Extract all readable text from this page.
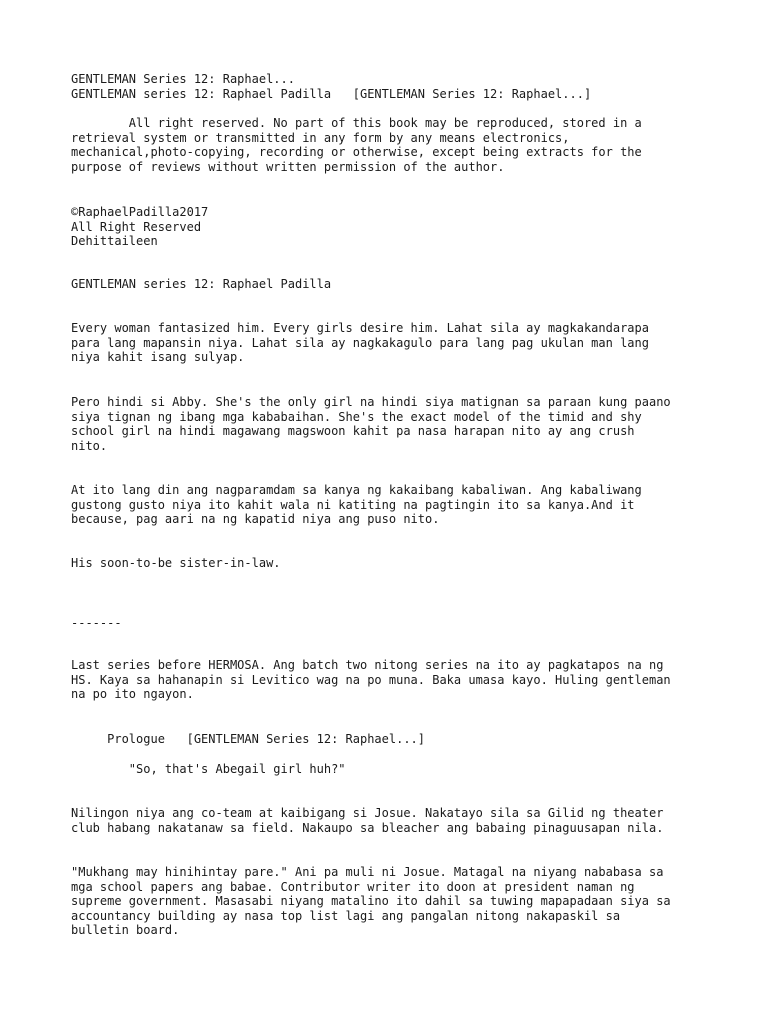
GENTLEMAN Series 12: Raphael...
GENTLEMAN series 12: Raphael Padilla   [GENTLEMAN Series 12: Raphael...]
All right reserved. No part of this book may be reproduced, stored in a
retrieval system or transmitted in any form by any means electronics,
mechanical,photo-copying, recording or otherwise, except being extracts for the
purpose of reviews without written permission of the author.
©RaphaelPadilla2017
All Right Reserved
Dehittaileen
GENTLEMAN series 12: Raphael Padilla
Every woman fantasized him. Every girls desire him. Lahat sila ay magkakandarapa
para lang mapansin niya. Lahat sila ay nagkakagulo para lang pag ukulan man lang
niya kahit isang sulyap.
Pero hindi si Abby. She's the only girl na hindi siya matignan sa paraan kung paano
siya tignan ng ibang mga kababaihan. She's the exact model of the timid and shy
school girl na hindi magawang magswoon kahit pa nasa harapan nito ay ang crush
nito.
At ito lang din ang nagparamdam sa kanya ng kakaibang kabaliwan. Ang kabaliwang
gustong gusto niya ito kahit wala ni katiting na pagtingin ito sa kanya.And it
because, pag aari na ng kapatid niya ang puso nito.
His soon-to-be sister-in-law.
-------
Last series before HERMOSA. Ang batch two nitong series na ito ay pagkatapos na ng
HS. Kaya sa hahanapin si Levitico wag na po muna. Baka umasa kayo. Huling gentleman
na po ito ngayon.
Prologue   [GENTLEMAN Series 12: Raphael...]
"So, that's Abegail girl huh?"
Nilingon niya ang co-team at kaibigang si Josue. Nakatayo sila sa Gilid ng theater
club habang nakatanaw sa field. Nakaupo sa bleacher ang babaing pinaguusapan nila.
"Mukhang may hinihintay pare." Ani pa muli ni Josue. Matagal na niyang nababasa sa
mga school papers ang babae. Contributor writer ito doon at president naman ng
supreme government. Masasabi niyang matalino ito dahil sa tuwing mapapadaan siya sa
accountancy building ay nasa top list lagi ang pangalan nitong nakapaskil sa
bulletin board.
